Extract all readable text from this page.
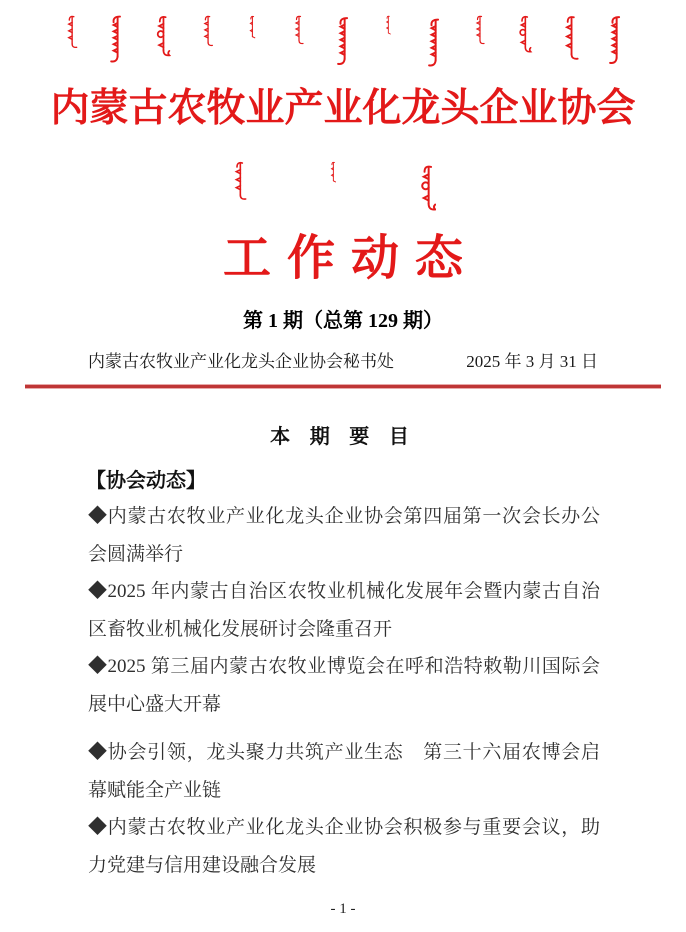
内蒙古农牧业产业化龙头企业协会
工作动态
第 1 期（总第 129 期）
内蒙古农牧业产业化龙头企业协会秘书处	2025 年 3 月 31 日
本 期 要 目
【协会动态】

◆内蒙古农牧业产业化龙头企业协会第四届第一次会长办公会圆满举行

◆2025 年内蒙古自治区农牧业机械化发展年会暨内蒙古自治区畜牧业机械化发展研讨会隆重召开

◆2025 第三届内蒙古农牧业博览会在呼和浩特敕勒川国际会展中心盛大开幕

◆协会引领，龙头聚力共筑产业生态　第三十六届农博会启幕赋能全产业链

◆内蒙古农牧业产业化龙头企业协会积极参与重要会议，助力党建与信用建设融合发展

- 1 -
